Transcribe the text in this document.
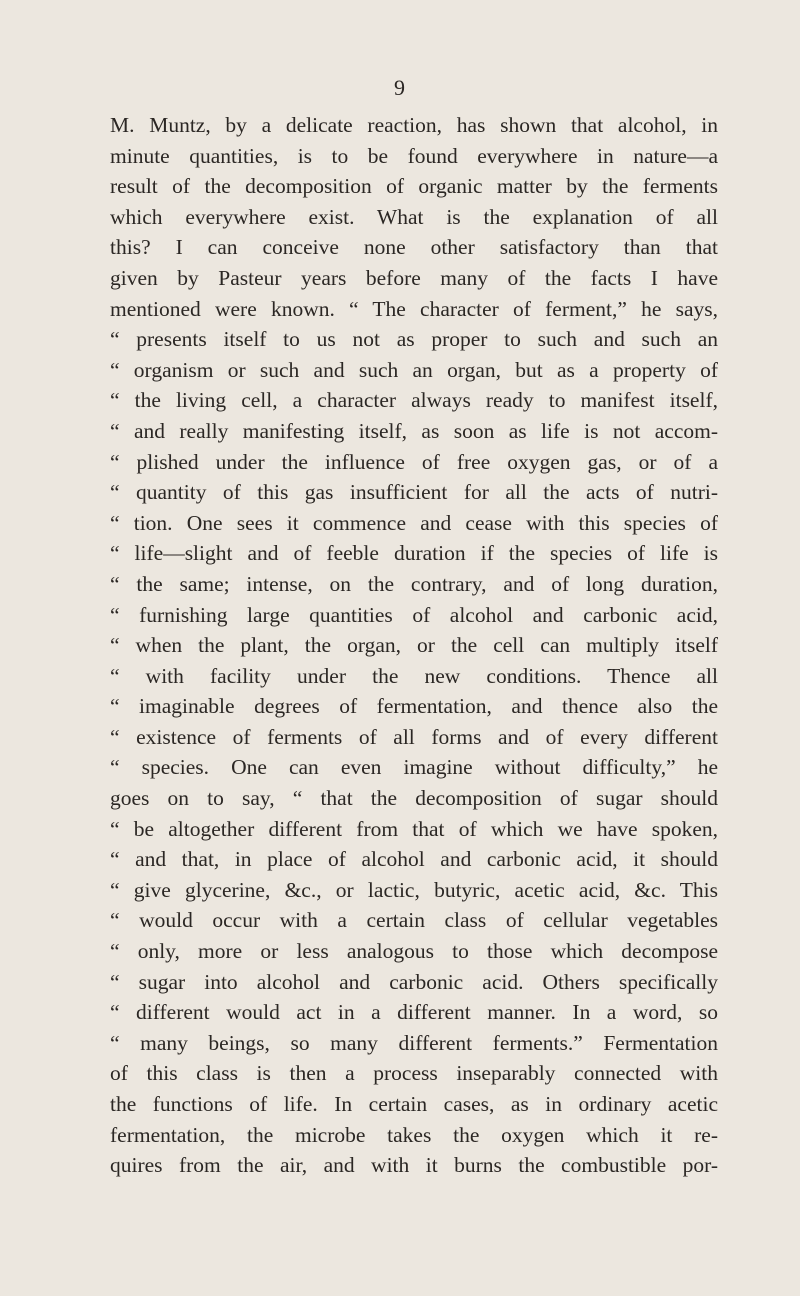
9
M. Muntz, by a delicate reaction, has shown that alcohol, in
minute quantities, is to be found everywhere in nature—a
result of the decomposition of organic matter by the ferments
which everywhere exist. What is the explanation of all
this? I can conceive none other satisfactory than that
given by Pasteur years before many of the facts I have
mentioned were known. “ The character of ferment,” he says,
“ presents itself to us not as proper to such and such an
“ organism or such and such an organ, but as a property of
“ the living cell, a character always ready to manifest itself,
“ and really manifesting itself, as soon as life is not accom-
“ plished under the influence of free oxygen gas, or of a
“ quantity of this gas insufficient for all the acts of nutri-
“ tion. One sees it commence and cease with this species of
“ life—slight and of feeble duration if the species of life is
“ the same; intense, on the contrary, and of long duration,
“ furnishing large quantities of alcohol and carbonic acid,
“ when the plant, the organ, or the cell can multiply itself
“ with facility under the new conditions. Thence all
“ imaginable degrees of fermentation, and thence also the
“ existence of ferments of all forms and of every different
“ species. One can even imagine without difficulty,” he
goes on to say, “ that the decomposition of sugar should
“ be altogether different from that of which we have spoken,
“ and that, in place of alcohol and carbonic acid, it should
“ give glycerine, &c., or lactic, butyric, acetic acid, &c. This
“ would occur with a certain class of cellular vegetables
“ only, more or less analogous to those which decompose
“ sugar into alcohol and carbonic acid. Others specifically
“ different would act in a different manner. In a word, so
“ many beings, so many different ferments.” Fermentation
of this class is then a process inseparably connected with
the functions of life. In certain cases, as in ordinary acetic
fermentation, the microbe takes the oxygen which it re-
quires from the air, and with it burns the combustible por-
